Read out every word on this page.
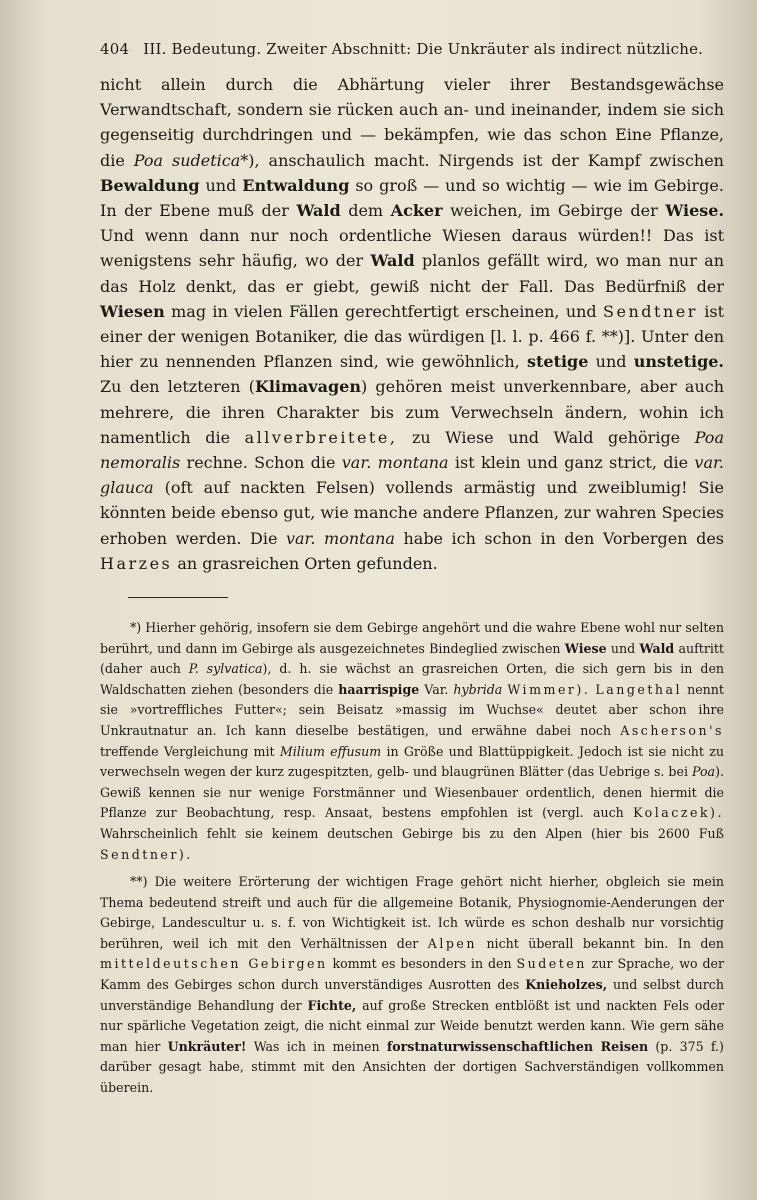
404 III. Bedeutung. Zweiter Abschnitt: Die Unkräuter als indirect nützliche.

nicht allein durch die Abhärtung vieler ihrer Bestandsgewächse Verwandtschaft, sondern sie rücken auch an- und ineinander, indem sie sich gegenseitig durchdringen und — bekämpfen, wie das schon Eine Pflanze, die Poa sudetica*), anschaulich macht. Nirgends ist der Kampf zwischen Bewaldung und Entwaldung so groß — und so wichtig — wie im Gebirge. In der Ebene muß der Wald dem Acker weichen, im Gebirge der Wiese. Und wenn dann nur noch ordentliche Wiesen daraus würden!! Das ist wenigstens sehr häufig, wo der Wald planlos gefällt wird, wo man nur an das Holz denkt, das er giebt, gewiß nicht der Fall. Das Bedürfniß der Wiesen mag in vielen Fällen gerechtfertigt erscheinen, und Sendtner ist einer der wenigen Botaniker, die das würdigen [l. l. p. 466 f. **)]. Unter den hier zu nennenden Pflanzen sind, wie gewöhnlich, stetige und unstetige. Zu den letzteren (Klimavagen) gehören meist unverkennbare, aber auch mehrere, die ihren Charakter bis zum Verwechseln ändern, wohin ich namentlich die allverbreitete, zu Wiese und Wald gehörige Poa nemoralis rechne. Schon die var. montana ist klein und ganz strict, die var. glauca (oft auf nackten Felsen) vollends armästig und zweiblumig! Sie könnten beide ebenso gut, wie manche andere Pflanzen, zur wahren Species erhoben werden. Die var. montana habe ich schon in den Vorbergen des Harzes an grasreichen Orten gefunden.

*) Hierher gehörig, insofern sie dem Gebirge angehört und die wahre Ebene wohl nur selten berührt, und dann im Gebirge als ausgezeichnetes Bindeglied zwischen Wiese und Wald auftritt (daher auch P. sylvatica), d. h. sie wächst an grasreichen Orten, die sich gern bis in den Waldschatten ziehen (besonders die haarrispige Var. hybrida Wimmer). Langethal nennt sie »vortreffliches Futter«; sein Beisatz »massig im Wuchse« deutet aber schon ihre Unkrautnatur an. Ich kann dieselbe bestätigen, und erwähne dabei noch Ascherson's treffende Vergleichung mit Milium effusum in Größe und Blattüppigkeit. Jedoch ist sie nicht zu verwechseln wegen der kurz zugespitzten, gelb- und blaugrünen Blätter (das Uebrige s. bei Poa). Gewiß kennen sie nur wenige Forstmänner und Wiesenbauer ordentlich, denen hiermit die Pflanze zur Beobachtung, resp. Ansaat, bestens empfohlen ist (vergl. auch Kolaczek). Wahrscheinlich fehlt sie keinem deutschen Gebirge bis zu den Alpen (hier bis 2600 Fuß Sendtner).
**) Die weitere Erörterung der wichtigen Frage gehört nicht hierher, obgleich sie mein Thema bedeutend streift und auch für die allgemeine Botanik, Physiognomie-Aenderungen der Gebirge, Landescultur u. s. f. von Wichtigkeit ist. Ich würde es schon deshalb nur vorsichtig berühren, weil ich mit den Verhältnissen der Alpen nicht überall bekannt bin. In den mitteldeutschen Gebirgen kommt es besonders in den Sudeten zur Sprache, wo der Kamm des Gebirges schon durch unverständiges Ausrotten des Knieholzes, und selbst durch unverständige Behandlung der Fichte, auf große Strecken entblößt ist und nackten Fels oder nur spärliche Vegetation zeigt, die nicht einmal zur Weide benutzt werden kann. Wie gern sähe man hier Unkräuter! Was ich in meinen forstnaturwissenschaftlichen Reisen (p. 375 f.) darüber gesagt habe, stimmt mit den Ansichten der dortigen Sachverständigen vollkommen überein.
